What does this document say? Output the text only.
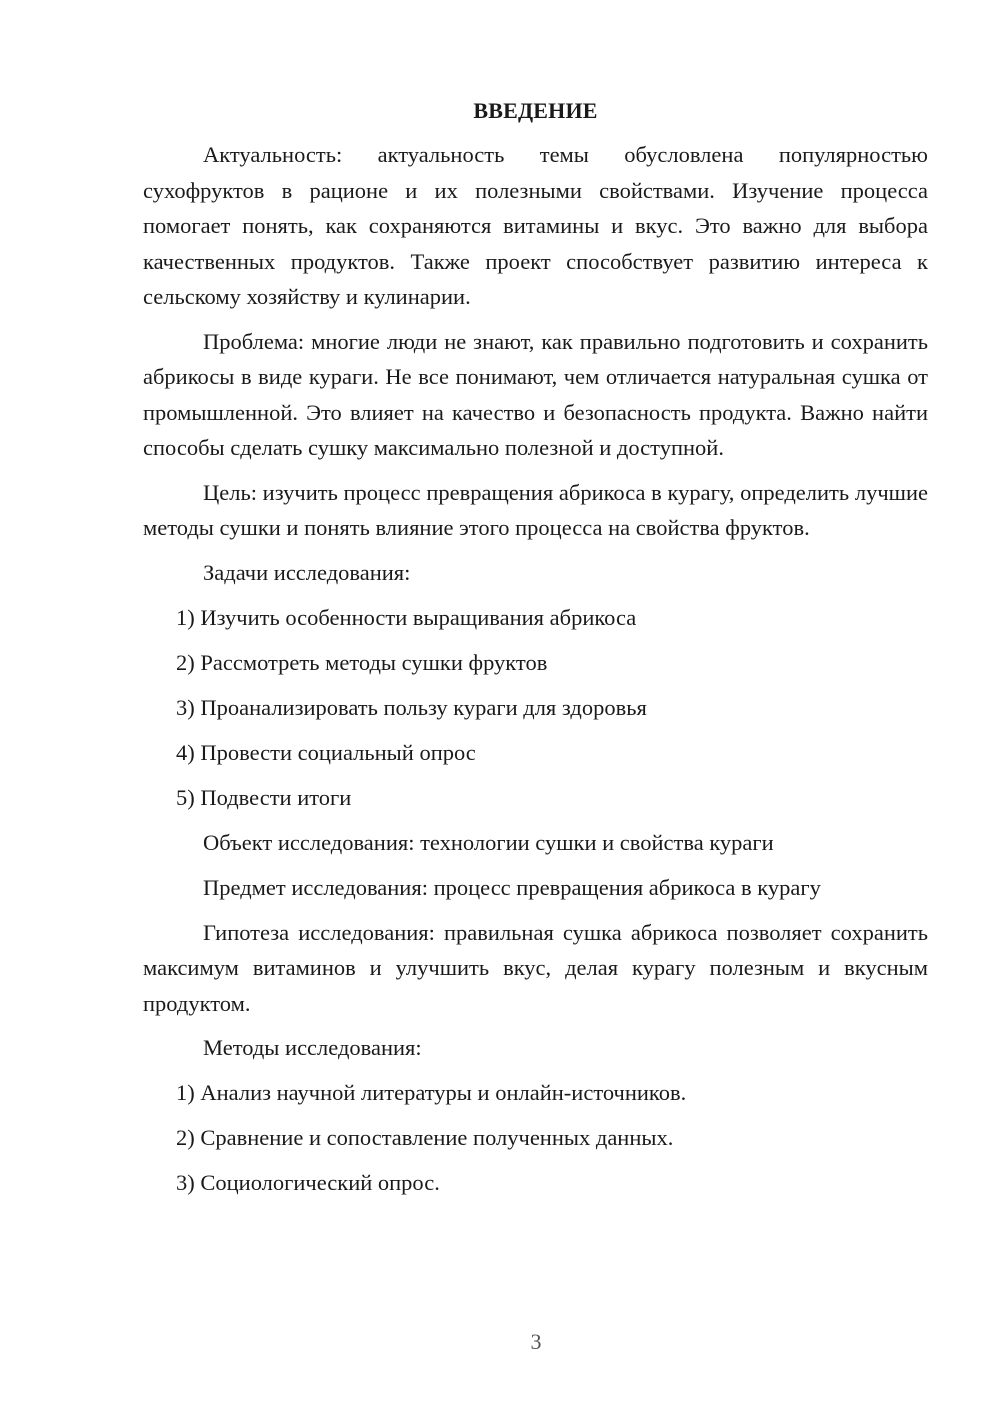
ВВЕДЕНИЕ

Актуальность: актуальность темы обусловлена популярностью сухофруктов в рационе и их полезными свойствами. Изучение процесса помогает понять, как сохраняются витамины и вкус. Это важно для выбора качественных продуктов. Также проект способствует развитию интереса к сельскому хозяйству и кулинарии.

Проблема: многие люди не знают, как правильно подготовить и сохранить абрикосы в виде кураги. Не все понимают, чем отличается натуральная сушка от промышленной. Это влияет на качество и безопасность продукта. Важно найти способы сделать сушку максимально полезной и доступной.

Цель: изучить процесс превращения абрикоса в курагу, определить лучшие методы сушки и понять влияние этого процесса на свойства фруктов.

Задачи исследования:

1) Изучить особенности выращивания абрикоса
2) Рассмотреть методы сушки фруктов
3) Проанализировать пользу кураги для здоровья
4) Провести социальный опрос
5) Подвести итоги

Объект исследования: технологии сушки и свойства кураги

Предмет исследования: процесс превращения абрикоса в курагу

Гипотеза исследования: правильная сушка абрикоса позволяет сохранить максимум витаминов и улучшить вкус, делая курагу полезным и вкусным продуктом.

Методы исследования:

1) Анализ научной литературы и онлайн-источников.
2) Сравнение и сопоставление полученных данных.
3) Социологический опрос.
3
